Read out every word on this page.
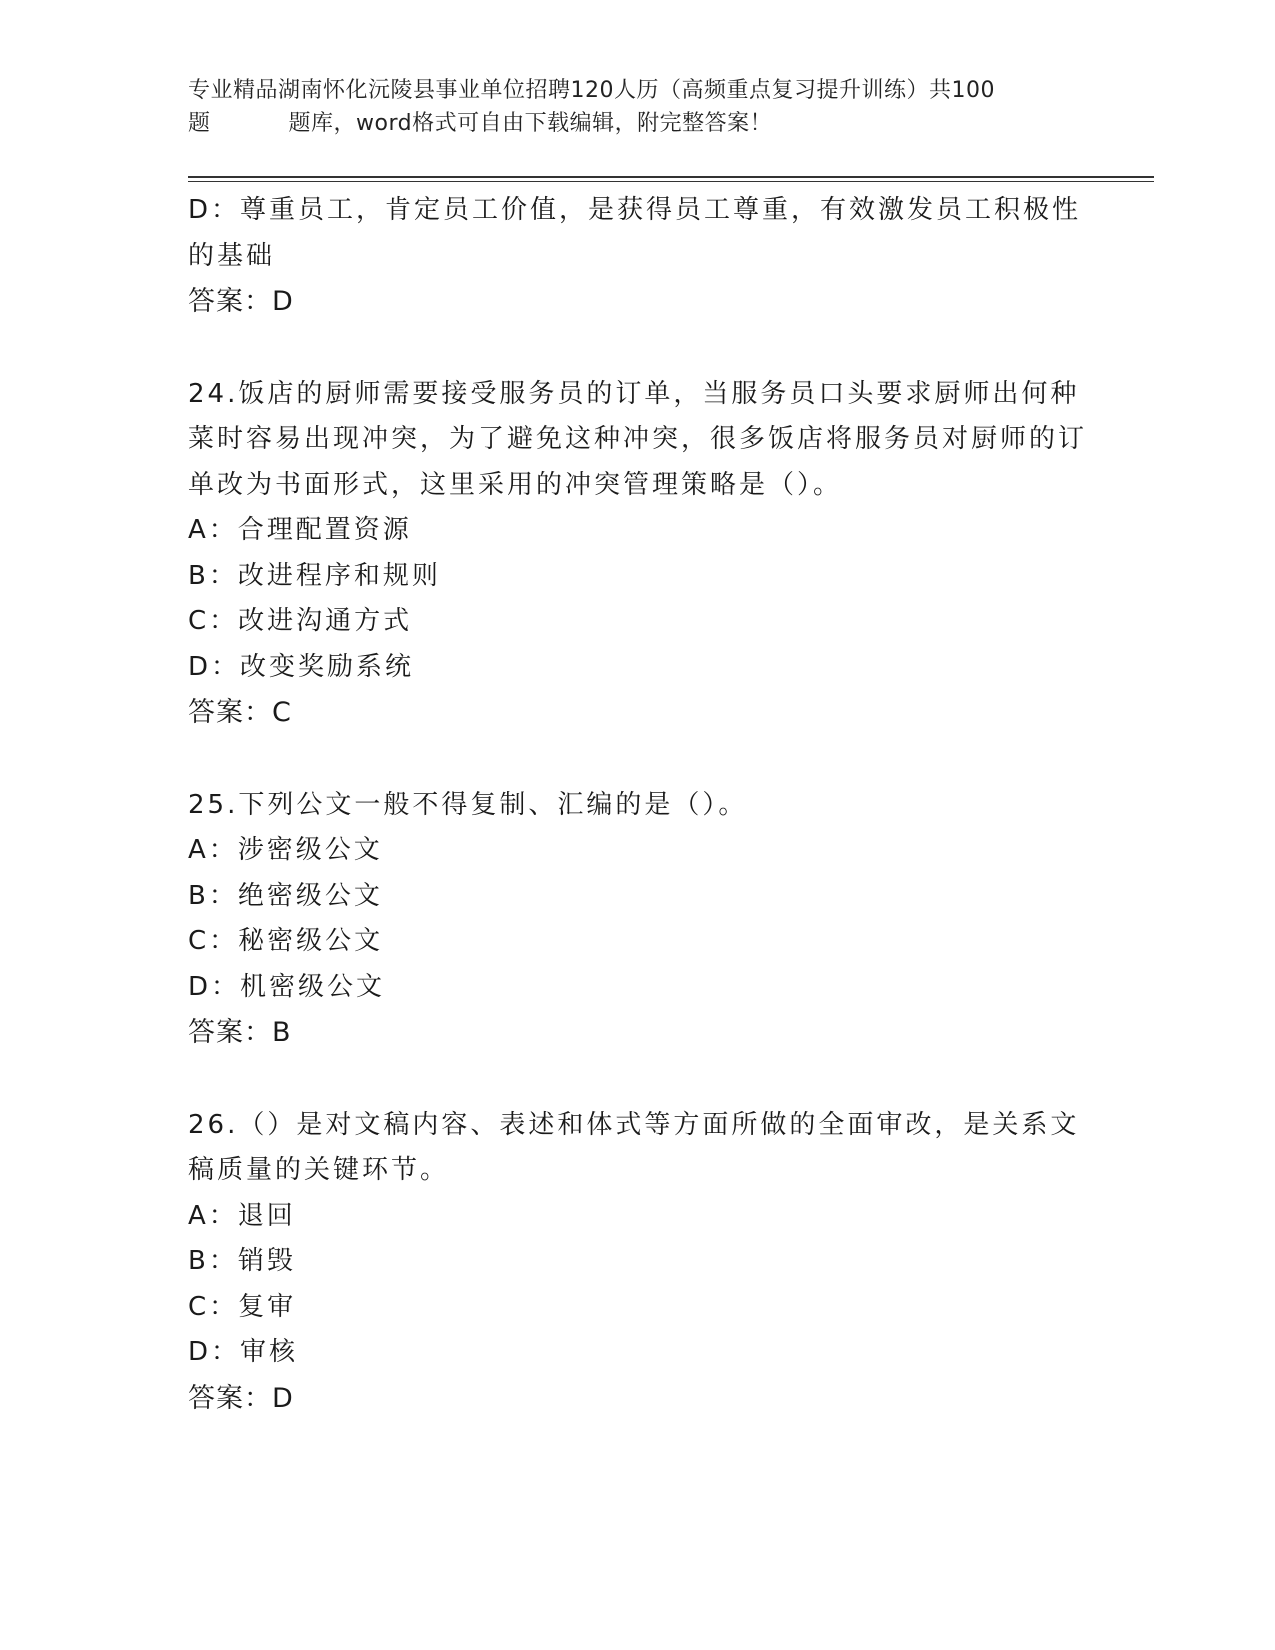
专业精品湖南怀化沅陵县事业单位招聘120人历（高频重点复习提升训练）共100
题	题库，word格式可自由下载编辑，附完整答案！

D：尊重员工，肯定员工价值，是获得员工尊重，有效激发员工积极性的基础

答案：D

24.饭店的厨师需要接受服务员的订单，当服务员口头要求厨师出何种菜时容易出现冲突，为了避免这种冲突，很多饭店将服务员对厨师的订单改为书面形式，这里采用的冲突管理策略是（）。

A：合理配置资源

B：改进程序和规则

C：改进沟通方式

D：改变奖励系统

答案：C

25.下列公文一般不得复制、汇编的是（）。

A：涉密级公文

B：绝密级公文

C：秘密级公文

D：机密级公文

答案：B

26.（）是对文稿内容、表述和体式等方面所做的全面审改，是关系文稿质量的关键环节。

A：退回

B：销毁

C：复审

D：审核

答案：D
